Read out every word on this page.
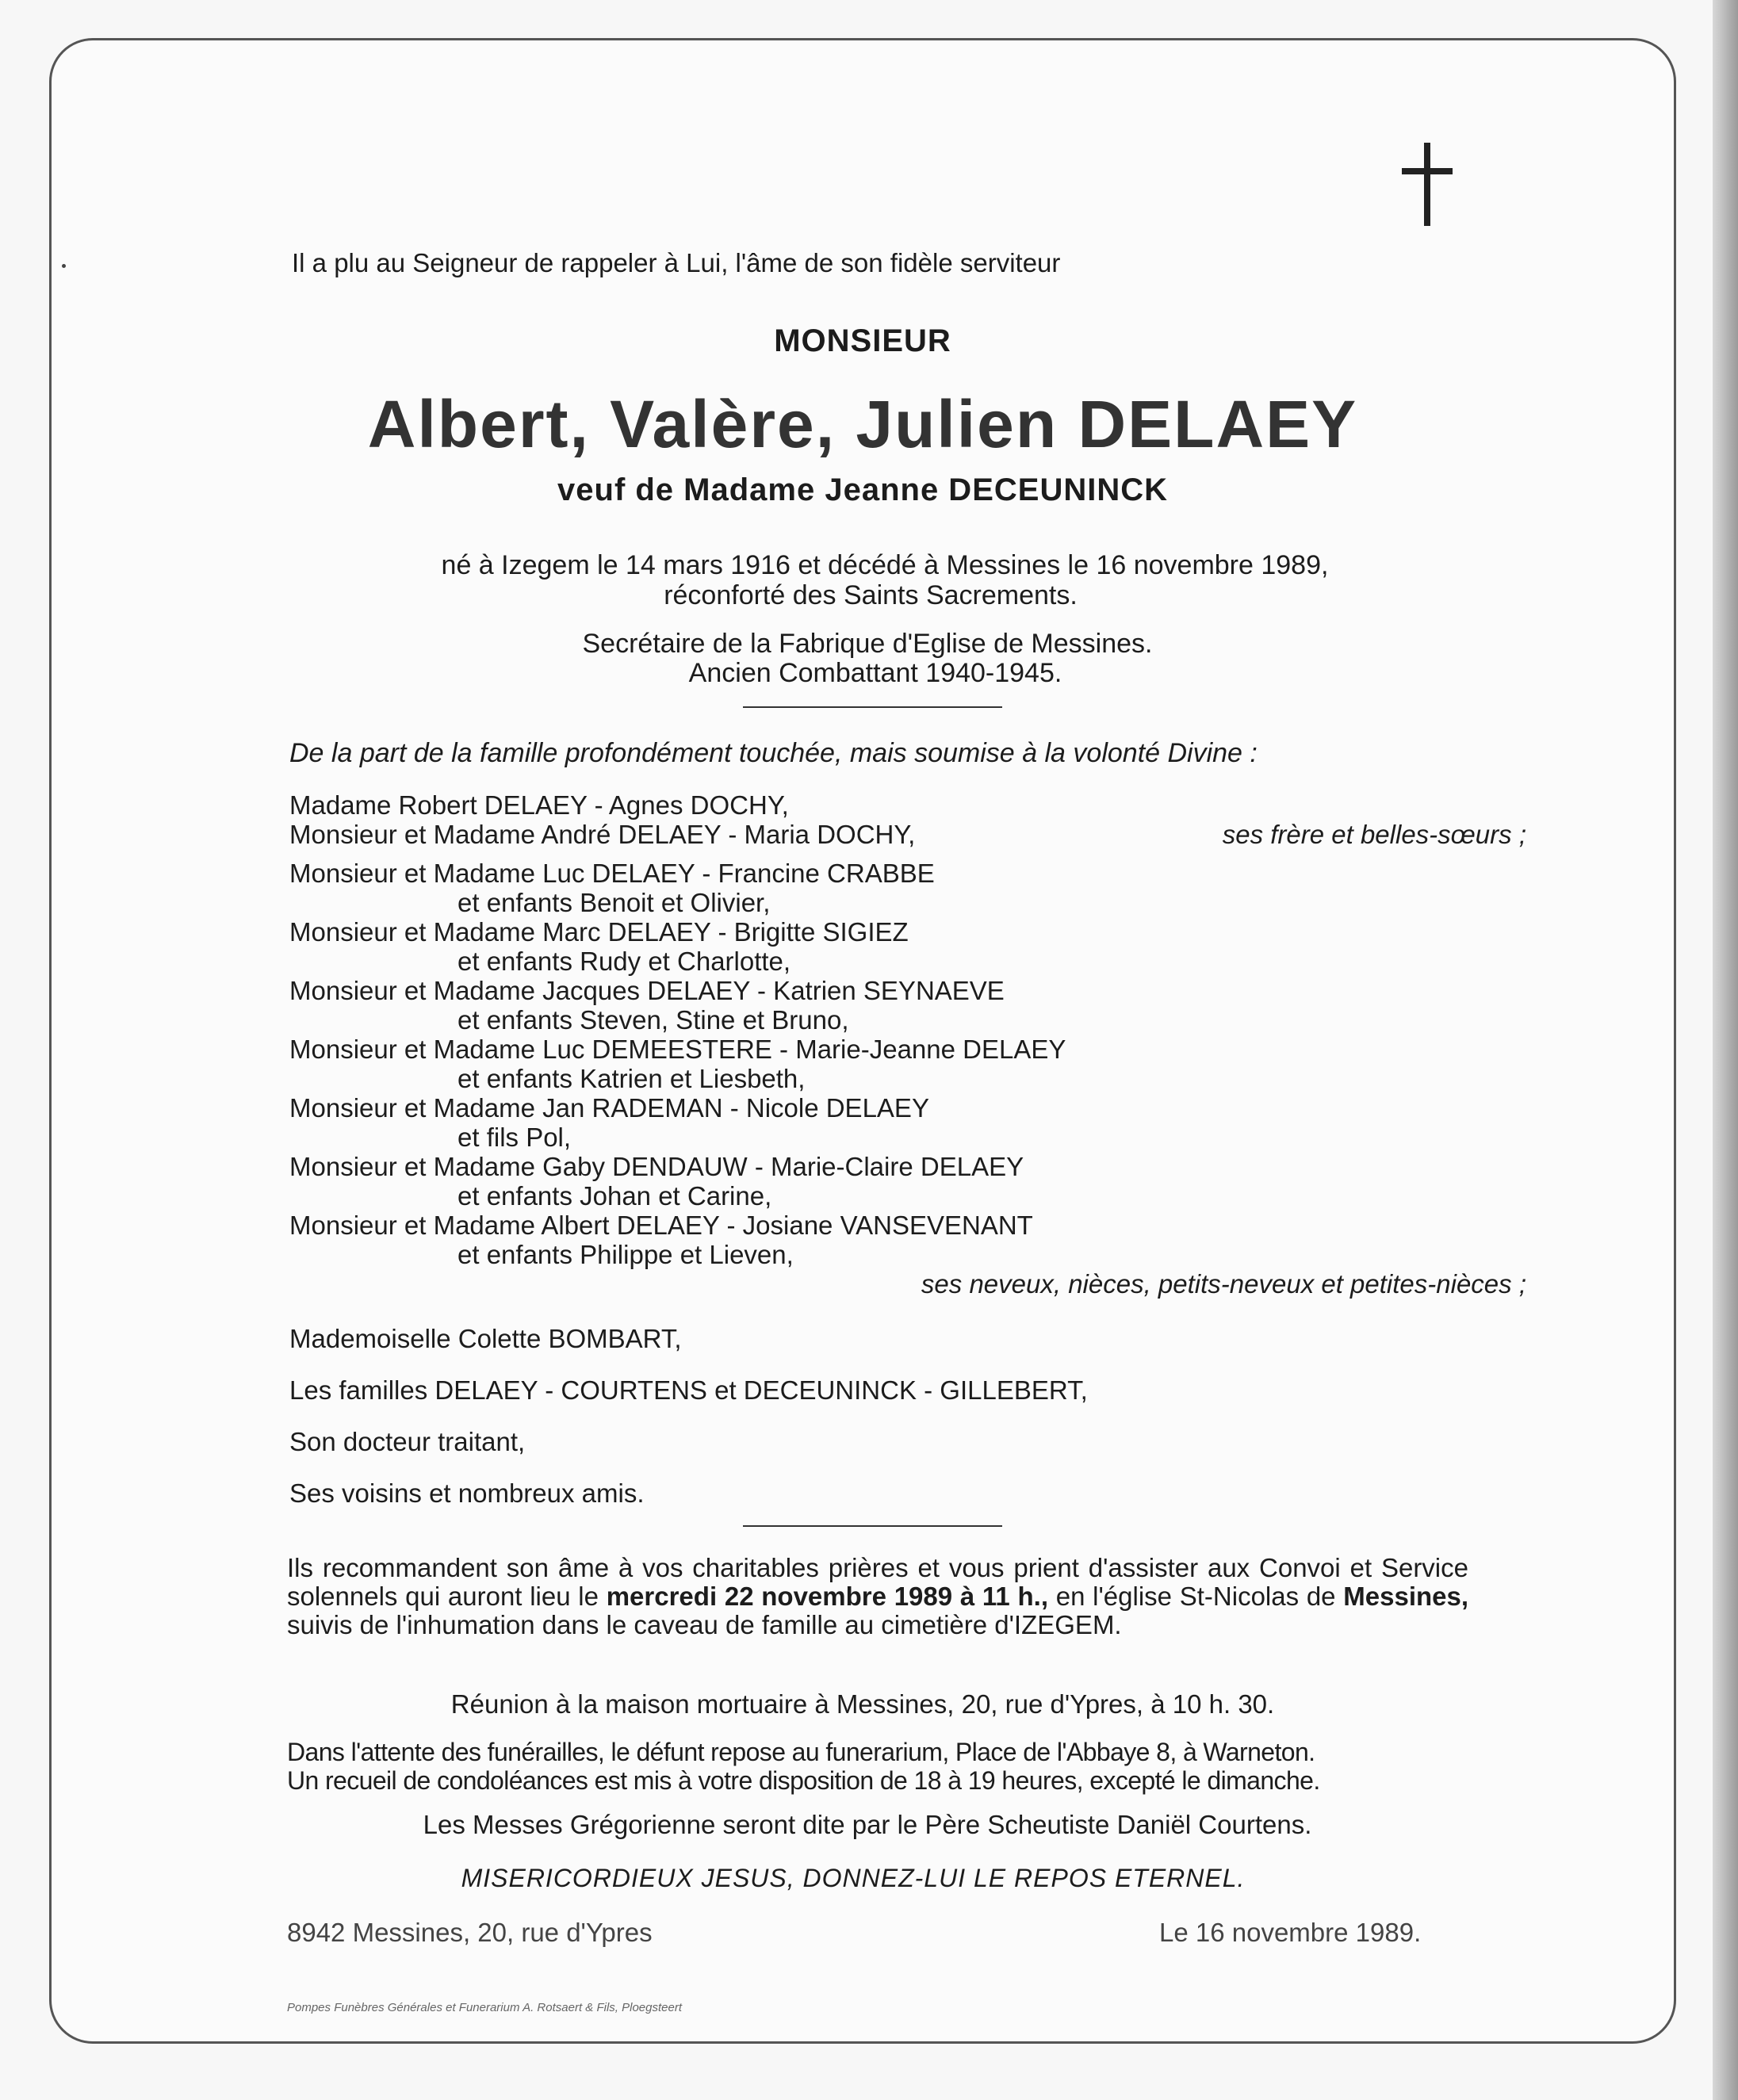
Il a plu au Seigneur de rappeler à Lui, l'âme de son fidèle serviteur
MONSIEUR
Albert, Valère, Julien DELAEY
veuf de Madame Jeanne DECEUNINCK
né à Izegem le 14 mars 1916 et décédé à Messines le 16 novembre 1989,
réconforté des Saints Sacrements.
Secrétaire de la Fabrique d'Eglise de Messines.
Ancien Combattant 1940-1945.
De la part de la famille profondément touchée, mais soumise à la volonté Divine :
Madame Robert DELAEY - Agnes DOCHY,
Monsieur et Madame André DELAEY - Maria DOCHY,	ses frère et belles-sœurs ;
Monsieur et Madame Luc DELAEY - Francine CRABBE
et enfants Benoit et Olivier,
Monsieur et Madame Marc DELAEY - Brigitte SIGIEZ
et enfants Rudy et Charlotte,
Monsieur et Madame Jacques DELAEY - Katrien SEYNAEVE
et enfants Steven, Stine et Bruno,
Monsieur et Madame Luc DEMEESTERE - Marie-Jeanne DELAEY
et enfants Katrien et Liesbeth,
Monsieur et Madame Jan RADEMAN - Nicole DELAEY
et fils Pol,
Monsieur et Madame Gaby DENDAUW - Marie-Claire DELAEY
et enfants Johan et Carine,
Monsieur et Madame Albert DELAEY - Josiane VANSEVENANT
et enfants Philippe et Lieven,
ses neveux, nièces, petits-neveux et petites-nièces ;
Mademoiselle Colette BOMBART,
Les familles DELAEY - COURTENS et DECEUNINCK - GILLEBERT,
Son docteur traitant,
Ses voisins et nombreux amis.
Ils recommandent son âme à vos charitables prières et vous prient d'assister aux Convoi et Service solennels qui auront lieu le mercredi 22 novembre 1989 à 11 h., en l'église St-Nicolas de Messines, suivis de l'inhumation dans le caveau de famille au cimetière d'IZEGEM.
Réunion à la maison mortuaire à Messines, 20, rue d'Ypres, à 10 h. 30.
Dans l'attente des funérailles, le défunt repose au funerarium, Place de l'Abbaye 8, à Warneton.
Un recueil de condoléances est mis à votre disposition de 18 à 19 heures, excepté le dimanche.
Les Messes Grégorienne seront dite par le Père Scheutiste Daniël Courtens.
MISERICORDIEUX JESUS, DONNEZ-LUI LE REPOS ETERNEL.
8942 Messines, 20, rue d'Ypres	Le 16 novembre 1989.
Pompes Funèbres Générales et Funerarium A. Rotsaert & Fils, Ploegsteert
